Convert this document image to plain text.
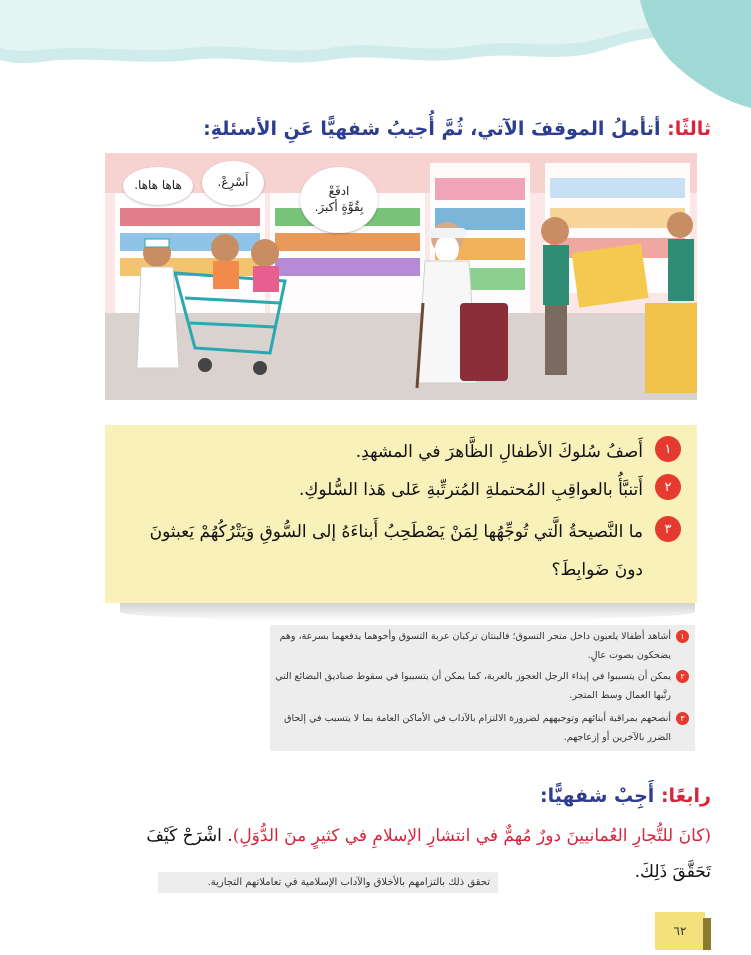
ثالثًا: أتأملُ الموقفَ الآتي، ثُمَّ أُجيبُ شفهيًّا عَنِ الأسئلةِ:
هاها هاها.	أَسْرِعْ.
ادفَعْ
بِقُوَّةٍ أكبرَ.
١
أَصفُ سُلوكَ الأطفالِ الظَّاهرَ في المشهدِ.
٢
أَتنبَّأُ بالعواقِبِ المُحتملةِ المُترتِّبةِ عَلى هَذا السُّلوكِ.
٣
ما النَّصيحةُ الَّتي تُوجِّهُها لِمَنْ يَصْطَحِبُ أَبناءَهُ إلى السُّوقِ وَيَتْرُكُهُمْ يَعبثونَ دونَ ضَوابِطَ؟
١
أشاهد أطفالا يلعبون داخل متجر التسوق؛ فالبنتان تركبان عربة التسوق وأخوهما يدفعهما بسرعة، وهم يضحكون بصوت عالٍ.
٢
يمكن أن يتسببوا في إيذاء الرجل العجوز بالعربة، كما يمكن أن يتسببوا في سقوط صناديق البضائع التي رتَّبها العمال وسط المتجر.
٣
أنصحهم بمراقبة أبنائهم وتوجيههم لضرورة الالتزام بالآداب في الأماكن العامة بما لا يتسبب في إلحاق الضرر بالآخرين أو إزعاجهم.
رابعًا: أَجِبْ شفهيًّا:
(كانَ للتُّجارِ العُمانيينَ دورٌ مُهمٌّ في انتشارِ الإسلامِ في كثيرٍ منَ الدُّوَلِ). اشْرَحْ كَيْفَ تَحَقَّقَ ذَلِكَ.
تحقق ذلك بالتزامهم بالأخلاق والآداب الإسلامية في تعاملاتهم التجارية.
٦٢
